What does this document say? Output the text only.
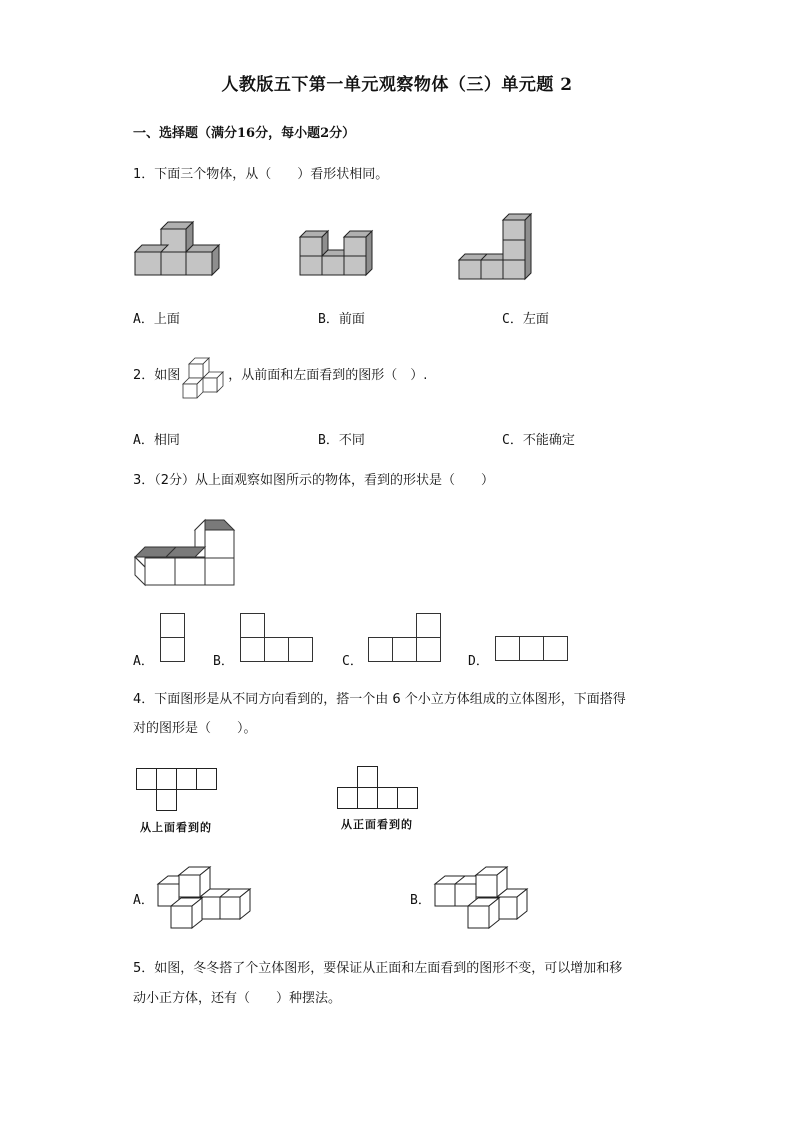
人教版五下第一单元观察物体（三）单元题 2
一、选择题（满分16分，每小题2分）
1．下面三个物体，从（　　）看形状相同。
A．上面	B．前面	C．左面
2．如图	，从前面和左面看到的图形（　）.
A．相同	B．不同	C．不能确定
3．（2分）从上面观察如图所示的物体，看到的形状是（　　）
A．	B．	C．	D．
4．下面图形是从不同方向看到的，搭一个由 6 个小立方体组成的立体图形，下面搭得
对的图形是（　　）。
从上面看到的	从正面看到的
A．	B．
5．如图，冬冬搭了个立体图形，要保证从正面和左面看到的图形不变，可以增加和移
动小正方体，还有（　　）种摆法。
